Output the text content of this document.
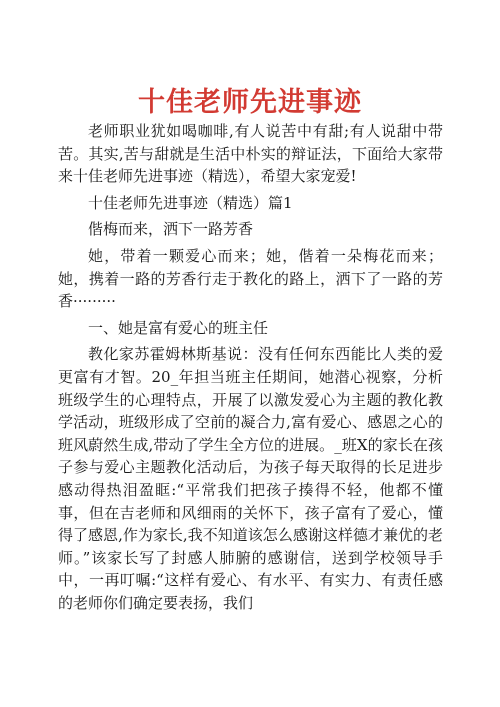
十佳老师先进事迹

老师职业犹如喝咖啡,有人说苦中有甜;有人说甜中带苦。其实,苦与甜就是生活中朴实的辩证法，下面给大家带来十佳老师先进事迹（精选），希望大家宠爱!

十佳老师先进事迹（精选）篇1

偕梅而来，洒下一路芳香

她，带着一颗爱心而来；她，偕着一朵梅花而来；她，携着一路的芳香行走于教化的路上，洒下了一路的芳香·········

一、她是富有爱心的班主任

教化家苏霍姆林斯基说：没有任何东西能比人类的爱更富有才智。20_年担当班主任期间，她潜心视察，分析班级学生的心理特点，开展了以激发爱心为主题的教化教学活动，班级形成了空前的凝合力,富有爱心、感恩之心的班风蔚然生成,带动了学生全方位的进展。_班X的家长在孩子参与爱心主题教化活动后，为孩子每天取得的长足进步感动得热泪盈眶:“平常我们把孩子揍得不轻，他都不懂事，但在吉老师和风细雨的关怀下，孩子富有了爱心，懂得了感恩,作为家长,我不知道该怎么感谢这样德才兼优的老师。”该家长写了封感人肺腑的感谢信，送到学校领导手中，一再叮嘱:“这样有爱心、有水平、有实力、有责任感的老师你们确定要表扬，我们
